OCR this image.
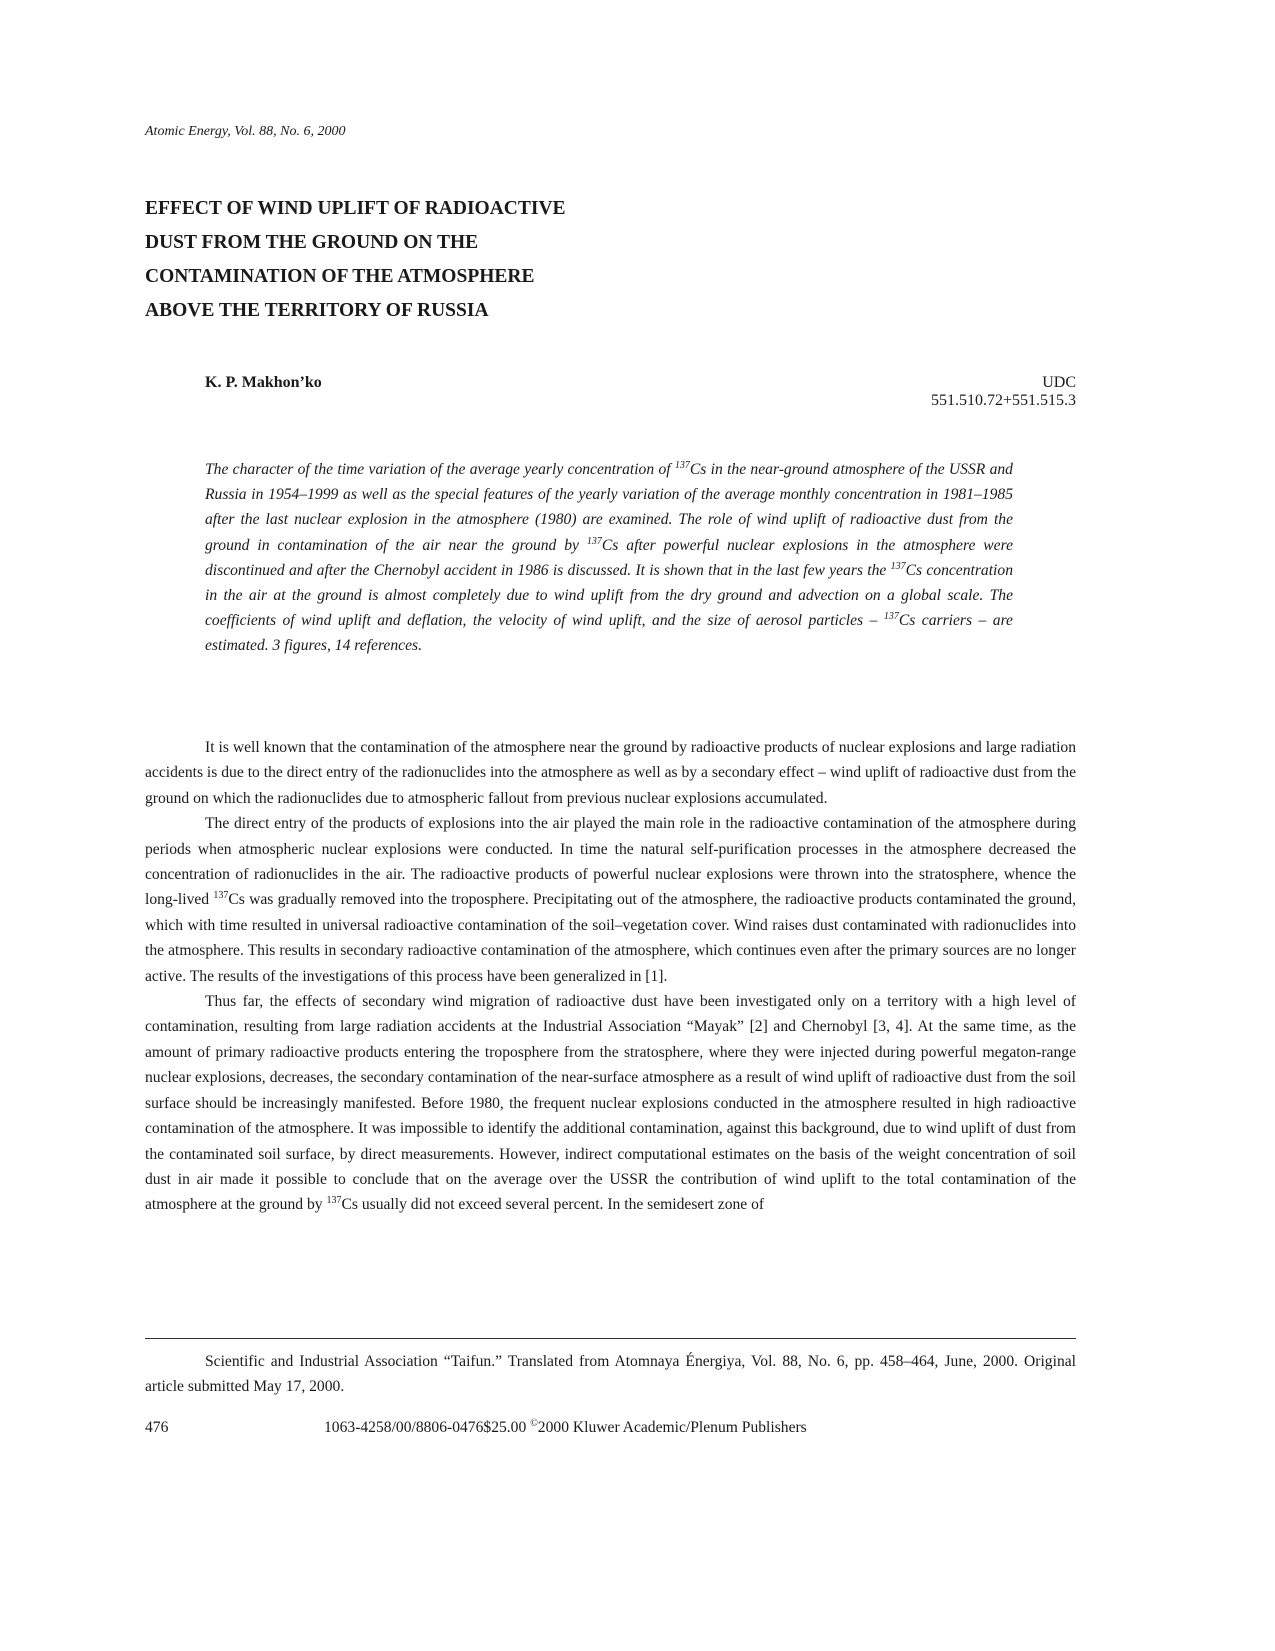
Atomic Energy, Vol. 88, No. 6, 2000
EFFECT OF WIND UPLIFT OF RADIOACTIVE
DUST FROM THE GROUND ON THE
CONTAMINATION OF THE ATMOSPHERE
ABOVE THE TERRITORY OF RUSSIA
K. P. Makhon’ko	UDC 551.510.72+551.515.3

The character of the time variation of the average yearly concentration of $^{137}$Cs in the near-ground atmosphere of the USSR and Russia in 1954–1999 as well as the special features of the yearly variation of the average monthly concentration in 1981–1985 after the last nuclear explosion in the atmosphere (1980) are examined. The role of wind uplift of radioactive dust from the ground in contamination of the air near the ground by $^{137}$Cs after powerful nuclear explosions in the atmosphere were discontinued and after the Chernobyl accident in 1986 is discussed. It is shown that in the last few years the $^{137}$Cs concentration in the air at the ground is almost completely due to wind uplift from the dry ground and advection on a global scale. The coefficients of wind uplift and deflation, the velocity of wind uplift, and the size of aerosol particles – $^{137}$Cs carriers – are estimated. 3 figures, 14 references.

It is well known that the contamination of the atmosphere near the ground by radioactive products of nuclear explosions and large radiation accidents is due to the direct entry of the radionuclides into the atmosphere as well as by a secondary effect – wind uplift of radioactive dust from the ground on which the radionuclides due to atmospheric fallout from previous nuclear explosions accumulated.

The direct entry of the products of explosions into the air played the main role in the radioactive contamination of the atmosphere during periods when atmospheric nuclear explosions were conducted. In time the natural self-purification processes in the atmosphere decreased the concentration of radionuclides in the air. The radioactive products of powerful nuclear explosions were thrown into the stratosphere, whence the long-lived $^{137}$Cs was gradually removed into the troposphere. Precipitating out of the atmosphere, the radioactive products contaminated the ground, which with time resulted in universal radioactive contamination of the soil–vegetation cover. Wind raises dust contaminated with radionuclides into the atmosphere. This results in secondary radioactive contamination of the atmosphere, which continues even after the primary sources are no longer active. The results of the investigations of this process have been generalized in [1].

Thus far, the effects of secondary wind migration of radioactive dust have been investigated only on a territory with a high level of contamination, resulting from large radiation accidents at the Industrial Association “Mayak” [2] and Chernobyl [3, 4]. At the same time, as the amount of primary radioactive products entering the troposphere from the stratosphere, where they were injected during powerful megaton-range nuclear explosions, decreases, the secondary contamination of the near-surface atmosphere as a result of wind uplift of radioactive dust from the soil surface should be increasingly manifested. Before 1980, the frequent nuclear explosions conducted in the atmosphere resulted in high radioactive contamination of the atmosphere. It was impossible to identify the additional contamination, against this background, due to wind uplift of dust from the contaminated soil surface, by direct measurements. However, indirect computational estimates on the basis of the weight concentration of soil dust in air made it possible to conclude that on the average over the USSR the contribution of wind uplift to the total contamination of the atmosphere at the ground by $^{137}$Cs usually did not exceed several percent. In the semidesert zone of

Scientific and Industrial Association “Taifun.” Translated from Atomnaya Énergiya, Vol. 88, No. 6, pp. 458–464, June, 2000. Original article submitted May 17, 2000.

476	1063-4258/00/8806-0476$25.00 ©2000 Kluwer Academic/Plenum Publishers
